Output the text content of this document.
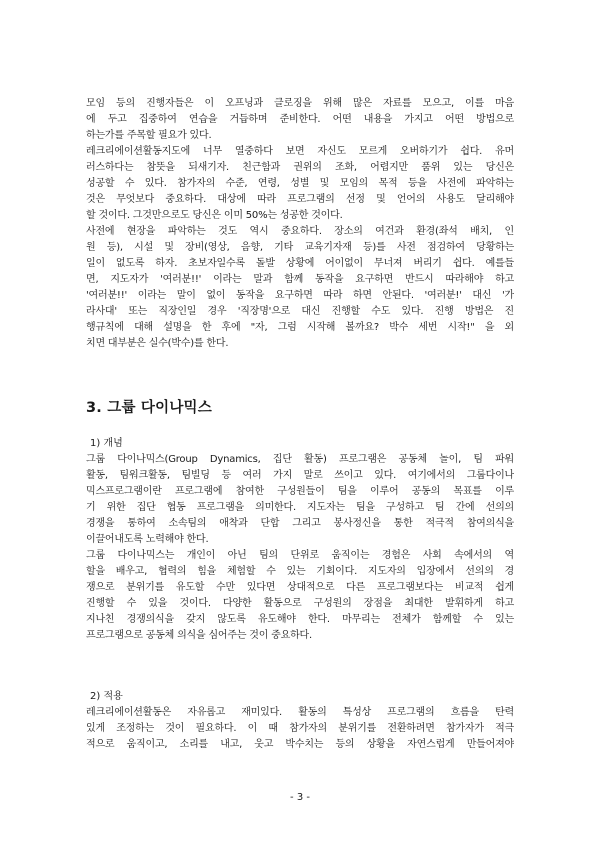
모임 등의 진행자들은 이 오프닝과 클로징을 위해 많은 자료를 모으고, 이를 마음
에 두고 집중하여 연습을 거듭하며 준비한다. 어떤 내용을 가지고 어떤 방법으로
하는가를 주목할 필요가 있다.
레크리에이션활동지도에 너무 열중하다 보면 자신도 모르게 오버하기가 쉽다. 유머
러스하다는 참뜻을 되새기자. 친근함과 권위의 조화, 어렵지만 품위 있는 당신은
성공할 수 있다. 참가자의 수준, 연령, 성별 및 모임의 목적 등을 사전에 파악하는
것은 무엇보다 중요하다. 대상에 따라 프로그램의 선정 및 언어의 사용도 달리해야
할 것이다. 그것만으로도 당신은 이미 50%는 성공한 것이다.
사전에 현장을 파악하는 것도 역시 중요하다. 장소의 여건과 환경(좌석 배치, 인
원 등), 시설 및 장비(영상, 음향, 기타 교육기자재 등)를 사전 점검하여 당황하는
일이 없도록 하자. 초보자일수록 돌발 상황에 어이없이 무너져 버리기 쉽다. 예를들
면, 지도자가 '여러분!!' 이라는 말과 함께 동작을 요구하면 반드시 따라해야 하고
'여러분!!' 이라는 말이 없이 동작을 요구하면 따라 하면 안된다. '여러분!' 대신 '가
라사대' 또는 직장인일 경우 '직장명'으로 대신 진행할 수도 있다. 진행 방법은 진
행규칙에 대해 설명을 한 후에 "자, 그럼 시작해 볼까요? 박수 세번 시작!" 을 외
치면 대부분은 실수(박수)를 한다.
3. 그룹 다이나믹스
1) 개념
그룹 다이나믹스(Group Dynamics, 집단 활동) 프로그램은 공동체 놀이, 팀 파워
활동, 팀워크활동, 팀빌딩 등 여러 가지 말로 쓰이고 있다. 여기에서의 그룹다이나
믹스프로그램이란 프로그램에 참여한 구성원들이 팀을 이루어 공동의 목표를 이루
기 위한 집단 협동 프로그램을 의미한다. 지도자는 팀을 구성하고 팀 간에 선의의
경쟁을 통하여 소속팀의 애착과 단합 그리고 봉사정신을 통한 적극적 참여의식을
이끌어내도록 노력해야 한다.
그룹 다이나믹스는 개인이 아닌 팀의 단위로 움직이는 경험은 사회 속에서의 역
할을 배우고, 협력의 힘을 체험할 수 있는 기회이다. 지도자의 입장에서 선의의 경
쟁으로 분위기를 유도할 수만 있다면 상대적으로 다른 프로그램보다는 비교적 쉽게
진행할 수 있을 것이다. 다양한 활동으로 구성원의 장점을 최대한 발휘하게 하고
지나친 경쟁의식을 갖지 않도록 유도해야 한다. 마무리는 전체가 함께할 수 있는
프로그램으로 공동체 의식을 심어주는 것이 중요하다.
2) 적용
레크리에이션활동은 자유롭고 재미있다. 활동의 특성상 프로그램의 흐름을 탄력
있게 조정하는 것이 필요하다. 이 때 참가자의 분위기를 전환하려면 참가자가 적극
적으로 움직이고, 소리를 내고, 웃고 박수치는 등의 상황을 자연스럽게 만들어져야
- 3 -
